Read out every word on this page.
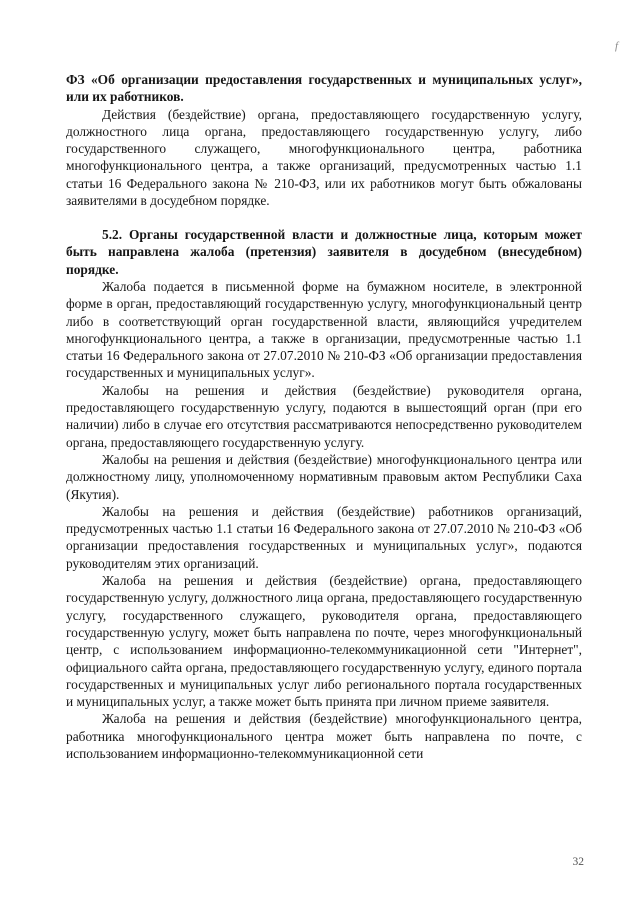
f

ФЗ «Об организации предоставления государственных и муниципальных услуг», или их работников.

Действия (бездействие) органа, предоставляющего государственную услугу, должностного лица органа, предоставляющего государственную услугу, либо государственного служащего, многофункционального центра, работника многофункционального центра, а также организаций, предусмотренных частью 1.1 статьи 16 Федерального закона № 210-ФЗ, или их работников могут быть обжалованы заявителями в досудебном порядке.

5.2. Органы государственной власти и должностные лица, которым может быть направлена жалоба (претензия) заявителя в досудебном (внесудебном) порядке.

Жалоба подается в письменной форме на бумажном носителе, в электронной форме в орган, предоставляющий государственную услугу, многофункциональный центр либо в соответствующий орган государственной власти, являющийся учредителем многофункционального центра, а также в организации, предусмотренные частью 1.1 статьи 16 Федерального закона от 27.07.2010 № 210-ФЗ «Об организации предоставления государственных и муниципальных услуг».

Жалобы на решения и действия (бездействие) руководителя органа, предоставляющего государственную услугу, подаются в вышестоящий орган (при его наличии) либо в случае его отсутствия рассматриваются непосредственно руководителем органа, предоставляющего государственную услугу.

Жалобы на решения и действия (бездействие) многофункционального центра или должностному лицу, уполномоченному нормативным правовым актом Республики Саха (Якутия).

Жалобы на решения и действия (бездействие) работников организаций, предусмотренных частью 1.1 статьи 16 Федерального закона от 27.07.2010 № 210-ФЗ «Об организации предоставления государственных и муниципальных услуг», подаются руководителям этих организаций.

Жалоба на решения и действия (бездействие) органа, предоставляющего государственную услугу, должностного лица органа, предоставляющего государственную услугу, государственного служащего, руководителя органа, предоставляющего государственную услугу, может быть направлена по почте, через многофункциональный центр, с использованием информационно-телекоммуникационной сети "Интернет", официального сайта органа, предоставляющего государственную услугу, единого портала государственных и муниципальных услуг либо регионального портала государственных и муниципальных услуг, а также может быть принята при личном приеме заявителя.

Жалоба на решения и действия (бездействие) многофункционального центра, работника многофункционального центра может быть направлена по почте, с использованием информационно-телекоммуникационной сети

32
